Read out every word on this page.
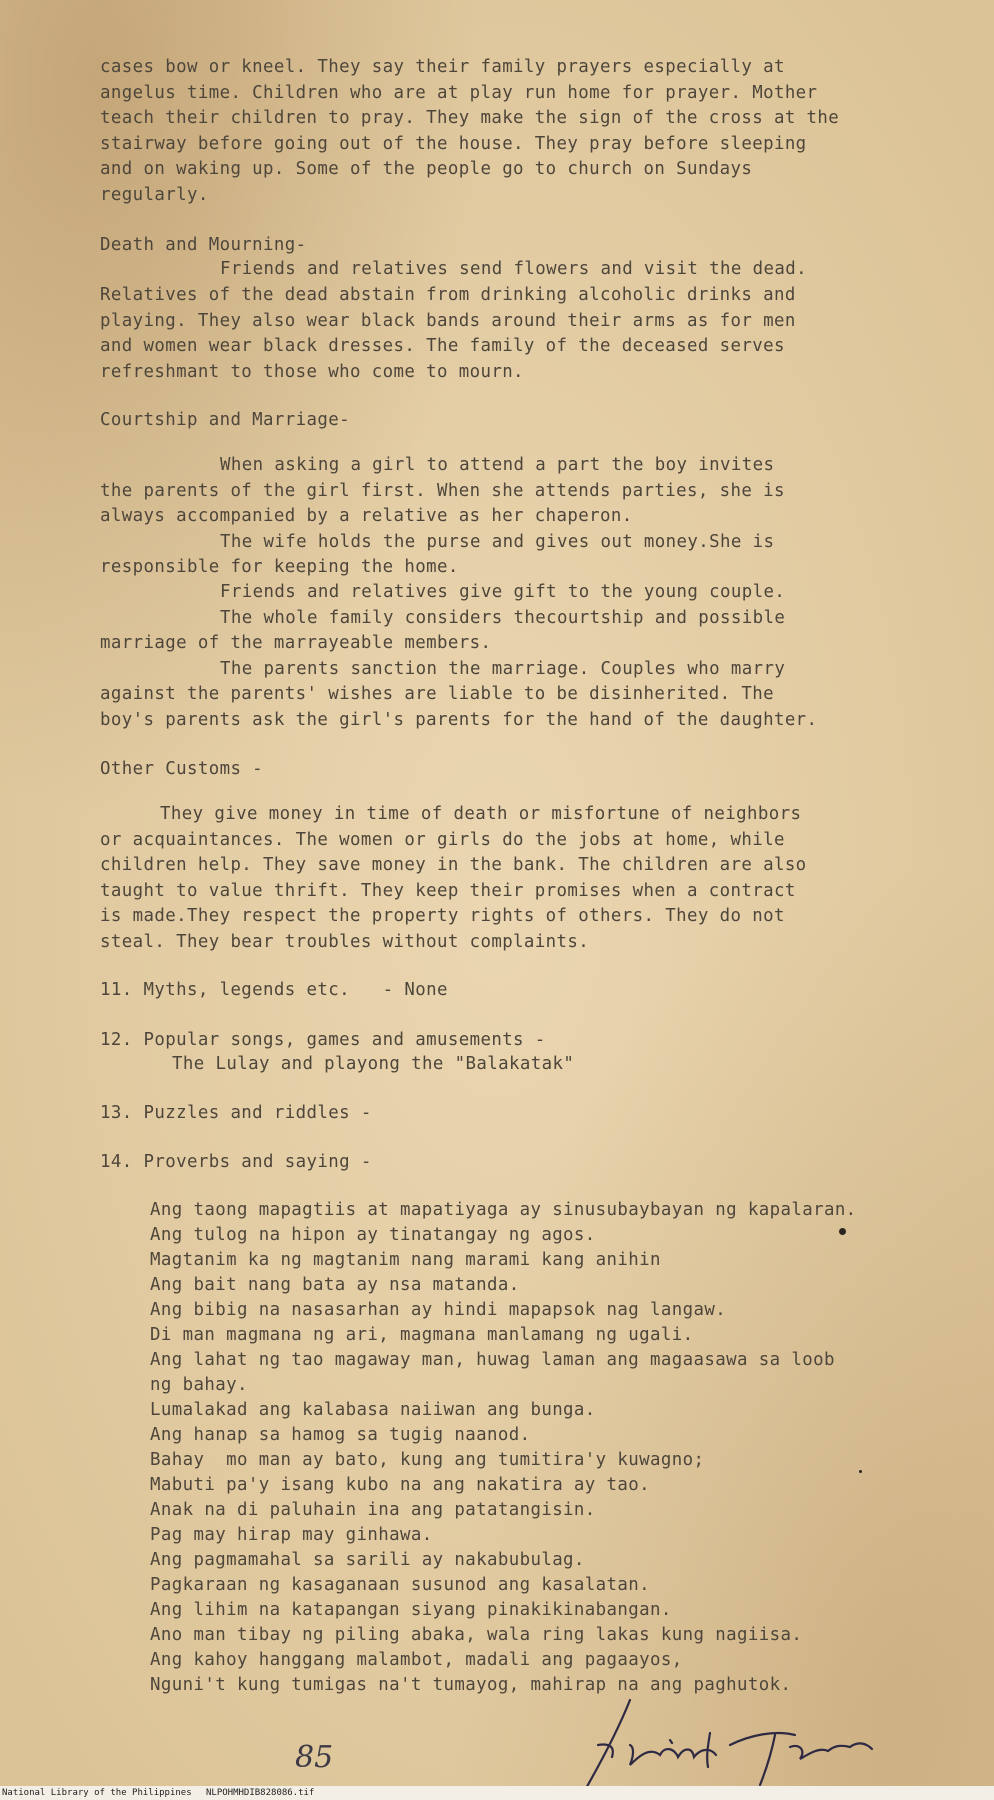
cases bow or kneel. They say their family prayers especially at
angelus time. Children who are at play run home for prayer. Mother
teach their children to pray. They make the sign of the cross at the
stairway before going out of the house. They pray before sleeping
and on waking up. Some of the people go to church on Sundays
regularly.
Death and Mourning-
Friends and relatives send flowers and visit the dead.
Relatives of the dead abstain from drinking alcoholic drinks and
playing. They also wear black bands around their arms as for men
and women wear black dresses. The family of the deceased serves
refreshmant to those who come to mourn.
Courtship and Marriage-
When asking a girl to attend a part the boy invites
the parents of the girl first. When she attends parties, she is
always accompanied by a relative as her chaperon.
The wife holds the purse and gives out money.She is
responsible for keeping the home.
Friends and relatives give gift to the young couple.
The whole family considers thecourtship and possible
marriage of the marrayeable members.
The parents sanction the marriage. Couples who marry
against the parents' wishes are liable to be disinherited. The
boy's parents ask the girl's parents for the hand of the daughter.
Other Customs -
They give money in time of death or misfortune of neighbors
or acquaintances. The women or girls do the jobs at home, while
children help. They save money in the bank. The children are also
taught to value thrift. They keep their promises when a contract
is made.They respect the property rights of others. They do not
steal. They bear troubles without complaints.
11. Myths, legends etc.   - None
12. Popular songs, games and amusements -
The Lulay and playong the "Balakatak"
13. Puzzles and riddles -
14. Proverbs and saying -
Ang taong mapagtiis at mapatiyaga ay sinusubaybayan ng kapalaran.
Ang tulog na hipon ay tinatangay ng agos.
Magtanim ka ng magtanim nang marami kang anihin
Ang bait nang bata ay nsa matanda.
Ang bibig na nasasarhan ay hindi mapapsok nag langaw.
Di man magmana ng ari, magmana manlamang ng ugali.
Ang lahat ng tao magaway man, huwag laman ang magaasawa sa loob
ng bahay.
Lumalakad ang kalabasa naiiwan ang bunga.
Ang hanap sa hamog sa tugig naanod.
Bahay  mo man ay bato, kung ang tumitira'y kuwagno;
Mabuti pa'y isang kubo na ang nakatira ay tao.
Anak na di paluhain ina ang patatangisin.
Pag may hirap may ginhawa.
Ang pagmamahal sa sarili ay nakabubulag.
Pagkaraan ng kasaganaan susunod ang kasalatan.
Ang lihim na katapangan siyang pinakikinabangan.
Ano man tibay ng piling abaka, wala ring lakas kung nagiisa.
Ang kahoy hanggang malambot, madali ang pagaayos,
Nguni't kung tumigas na't tumayog, mahirap na ang paghutok.
85
National Library of the Philippines NLPOHMHDIB828086.tif
